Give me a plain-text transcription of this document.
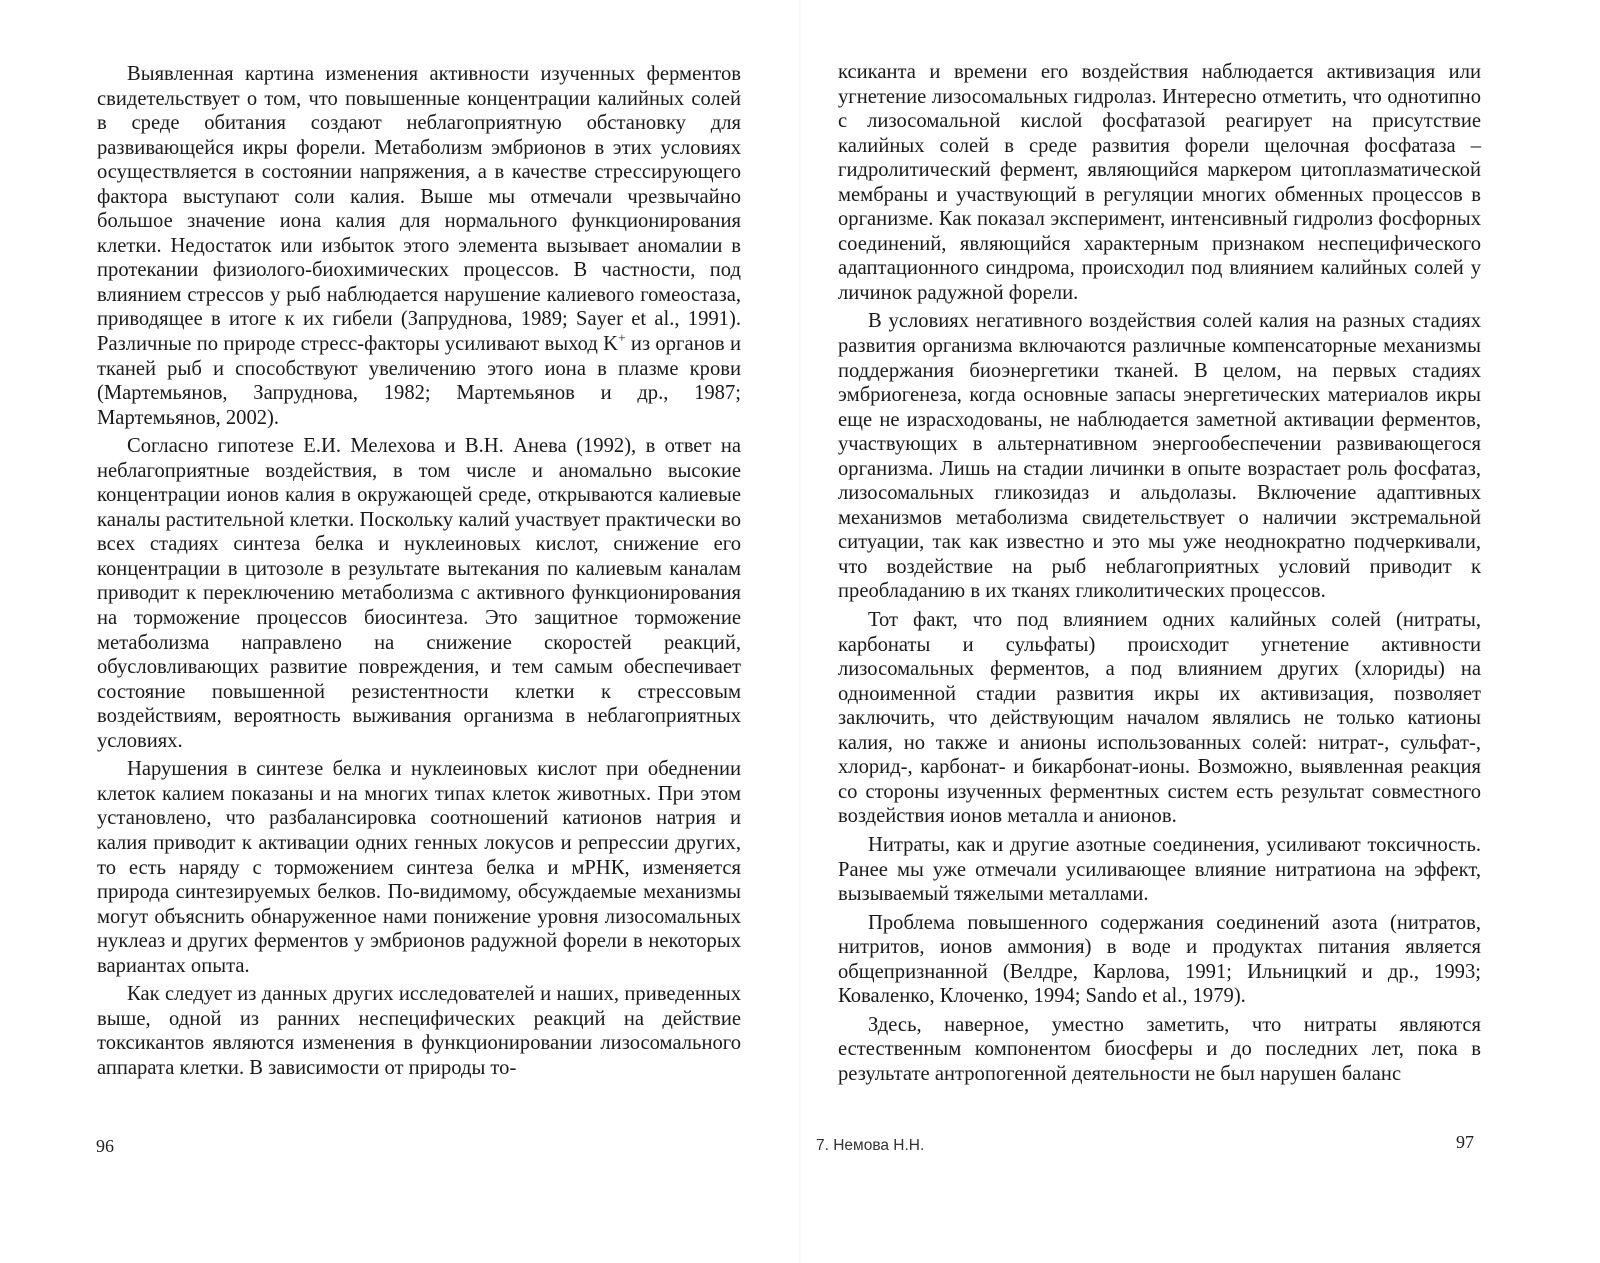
Выявленная картина изменения активности изученных ферментов свидетельствует о том, что повышенные концентрации калийных солей в среде обитания создают неблагоприятную обстановку для развивающейся икры форели. Метаболизм эмбрионов в этих условиях осуществляется в состоянии напряжения, а в качестве стрессирующего фактора выступают соли калия. Выше мы отмечали чрезвычайно большое значение иона калия для нормального функционирования клетки. Недостаток или избыток этого элемента вызывает аномалии в протекании физиолого-биохимических процессов. В частности, под влиянием стрессов у рыб наблюдается нарушение калиевого гомеостаза, приводящее в итоге к их гибели (Запруднова, 1989; Sayer et al., 1991). Различные по природе стресс-факторы усиливают выход K+ из органов и тканей рыб и способствуют увеличению этого иона в плазме крови (Мартемьянов, Запруднова, 1982; Мартемьянов и др., 1987; Мартемьянов, 2002).

Согласно гипотезе Е.И. Мелехова и В.Н. Анева (1992), в ответ на неблагоприятные воздействия, в том числе и аномально высокие концентрации ионов калия в окружающей среде, открываются калиевые каналы растительной клетки. Поскольку калий участвует практически во всех стадиях синтеза белка и нуклеиновых кислот, снижение его концентрации в цитозоле в результате вытекания по калиевым каналам приводит к переключению метаболизма с активного функционирования на торможение процессов биосинтеза. Это защитное торможение метаболизма направлено на снижение скоростей реакций, обусловливающих развитие повреждения, и тем самым обеспечивает состояние повышенной резистентности клетки к стрессовым воздействиям, вероятность выживания организма в неблагоприятных условиях.

Нарушения в синтезе белка и нуклеиновых кислот при обеднении клеток калием показаны и на многих типах клеток животных. При этом установлено, что разбалансировка соотношений катионов натрия и калия приводит к активации одних генных локусов и репрессии других, то есть наряду с торможением синтеза белка и мРНК, изменяется природа синтезируемых белков. По-видимому, обсуждаемые механизмы могут объяснить обнаруженное нами понижение уровня лизосомальных нуклеаз и других ферментов у эмбрионов радужной форели в некоторых вариантах опыта.

Как следует из данных других исследователей и наших, приведенных выше, одной из ранних неспецифических реакций на действие токсикантов являются изменения в функционировании лизосомального аппарата клетки. В зависимости от природы то-

96

ксиканта и времени его воздействия наблюдается активизация или угнетение лизосомальных гидролаз. Интересно отметить, что однотипно с лизосомальной кислой фосфатазой реагирует на присутствие калийных солей в среде развития форели щелочная фосфатаза – гидролитический фермент, являющийся маркером цитоплазматической мембраны и участвующий в регуляции многих обменных процессов в организме. Как показал эксперимент, интенсивный гидролиз фосфорных соединений, являющийся характерным признаком неспецифического адаптационного синдрома, происходил под влиянием калийных солей у личинок радужной форели.

В условиях негативного воздействия солей калия на разных стадиях развития организма включаются различные компенсаторные механизмы поддержания биоэнергетики тканей. В целом, на первых стадиях эмбриогенеза, когда основные запасы энергетических материалов икры еще не израсходованы, не наблюдается заметной активации ферментов, участвующих в альтернативном энергообеспечении развивающегося организма. Лишь на стадии личинки в опыте возрастает роль фосфатаз, лизосомальных гликозидаз и альдолазы. Включение адаптивных механизмов метаболизма свидетельствует о наличии экстремальной ситуации, так как известно и это мы уже неоднократно подчеркивали, что воздействие на рыб неблагоприятных условий приводит к преобладанию в их тканях гликолитических процессов.

Тот факт, что под влиянием одних калийных солей (нитраты, карбонаты и сульфаты) происходит угнетение активности лизосомальных ферментов, а под влиянием других (хлориды) на одноименной стадии развития икры их активизация, позволяет заключить, что действующим началом являлись не только катионы калия, но также и анионы использованных солей: нитрат-, сульфат-, хлорид-, карбонат- и бикарбонат-ионы. Возможно, выявленная реакция со стороны изученных ферментных систем есть результат совместного воздействия ионов металла и анионов.

Нитраты, как и другие азотные соединения, усиливают токсичность. Ранее мы уже отмечали усиливающее влияние нитратиона на эффект, вызываемый тяжелыми металлами.

Проблема повышенного содержания соединений азота (нитратов, нитритов, ионов аммония) в воде и продуктах питания является общепризнанной (Велдре, Карлова, 1991; Ильницкий и др., 1993; Коваленко, Клоченко, 1994; Sando et al., 1979).

Здесь, наверное, уместно заметить, что нитраты являются естественным компонентом биосферы и до последних лет, пока в результате антропогенной деятельности не был нарушен баланс

7. Немова Н.Н.	97
